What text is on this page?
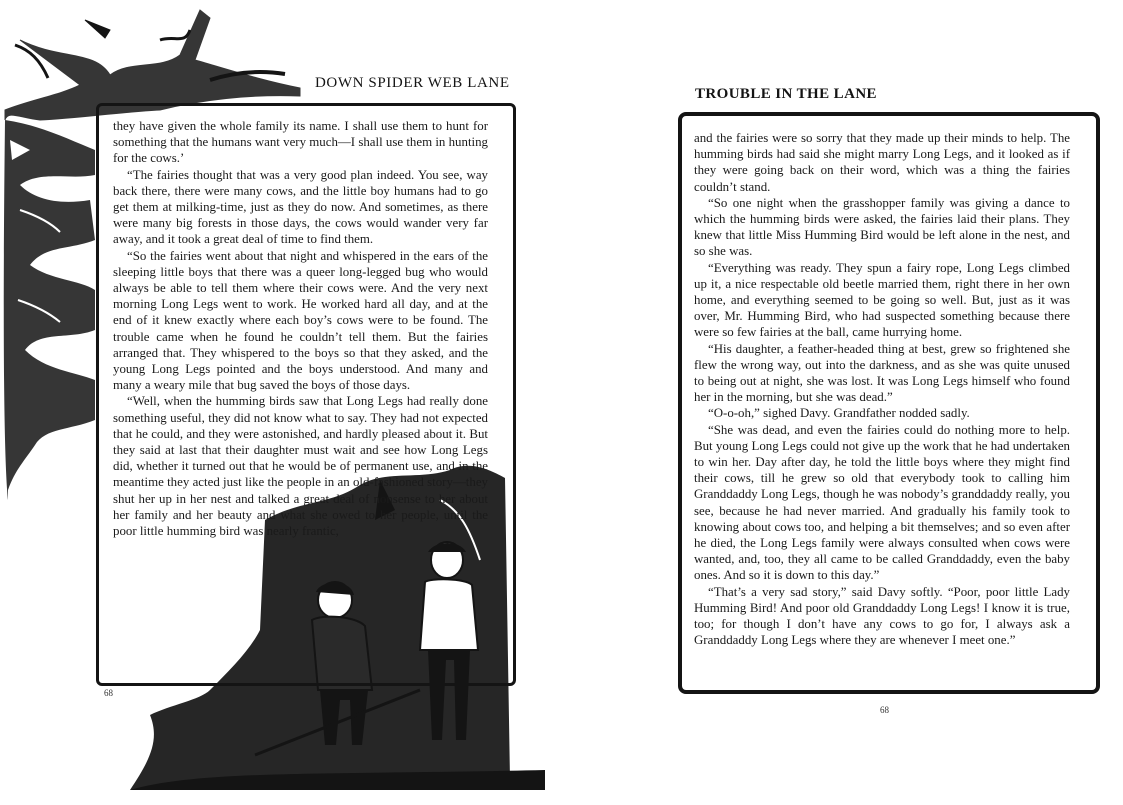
DOWN SPIDER WEB LANE
TROUBLE IN THE LANE

they have given the whole family its name. I shall use them to hunt for something that the humans want very much—I shall use them in hunting for the cows.’

“The fairies thought that was a very good plan indeed. You see, way back there, there were many cows, and the little boy humans had to go get them at milking-time, just as they do now. And sometimes, as there were many big forests in those days, the cows would wander very far away, and it took a great deal of time to find them.

“So the fairies went about that night and whispered in the ears of the sleeping little boys that there was a queer long-legged bug who would always be able to tell them where their cows were. And the very next morning Long Legs went to work. He worked hard all day, and at the end of it knew exactly where each boy’s cows were to be found. The trouble came when he found he couldn’t tell them. But the fairies arranged that. They whispered to the boys so that they asked, and the young Long Legs pointed and the boys understood. And many and many a weary mile that bug saved the boys of those days.

“Well, when the humming birds saw that Long Legs had really done something useful, they did not know what to say. They had not expected that he could, and they were astonished, and hardly pleased about it. But they said at last that their daughter must wait and see how Long Legs did, whether it turned out that he would be of permanent use, and in the meantime they acted just like the people in an old-fashioned story—they shut her up in her nest and talked a great deal of nonsense to her about her family and her beauty and what she owed to her people, until the poor little humming bird was nearly frantic,

and the fairies were so sorry that they made up their minds to help. The humming birds had said she might marry Long Legs, and it looked as if they were going back on their word, which was a thing the fairies couldn’t stand.

“So one night when the grasshopper family was giving a dance to which the humming birds were asked, the fairies laid their plans. They knew that little Miss Humming Bird would be left alone in the nest, and so she was.

“Everything was ready. They spun a fairy rope, Long Legs climbed up it, a nice respectable old beetle married them, right there in her own home, and everything seemed to be going so well. But, just as it was over, Mr. Humming Bird, who had suspected something because there were so few fairies at the ball, came hurrying home.

“His daughter, a feather-headed thing at best, grew so frightened she flew the wrong way, out into the darkness, and as she was quite unused to being out at night, she was lost. It was Long Legs himself who found her in the morning, but she was dead.”

“O-o-oh,” sighed Davy. Grandfather nodded sadly.

“She was dead, and even the fairies could do nothing more to help. But young Long Legs could not give up the work that he had undertaken to win her. Day after day, he told the little boys where they might find their cows, till he grew so old that everybody took to calling him Granddaddy Long Legs, though he was nobody’s granddaddy really, you see, because he had never married. And gradually his family took to knowing about cows too, and helping a bit themselves; and so even after he died, the Long Legs family were always consulted when cows were wanted, and, too, they all came to be called Granddaddy, even the baby ones. And so it is down to this day.”

“That’s a very sad story,” said Davy softly. “Poor, poor little Lady Humming Bird! And poor old Granddaddy Long Legs! I know it is true, too; for though I don’t have any cows to go for, I always ask a Granddaddy Long Legs where they are whenever I meet one.”

68
68
